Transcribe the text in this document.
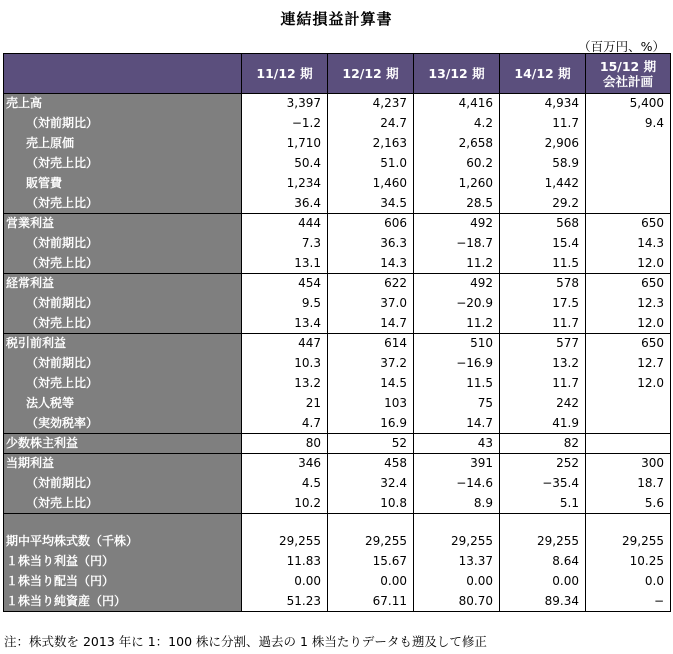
連結損益計算書
（百万円、%）
	11/12 期	12/12 期	13/12 期	14/12 期	15/12 期
会社計画

売上高	3,397	4,237	4,416	4,934	5,400
（対前期比）	−1.2	24.7	4.2	11.7	9.4
売上原価	1,710	2,163	2,658	2,906	
（対売上比）	50.4	51.0	60.2	58.9	
販管費	1,234	1,460	1,260	1,442	
（対売上比）	36.4	34.5	28.5	29.2	
営業利益	444	606	492	568	650
（対前期比）	7.3	36.3	−18.7	15.4	14.3
（対売上比）	13.1	14.3	11.2	11.5	12.0
経常利益	454	622	492	578	650
（対前期比）	9.5	37.0	−20.9	17.5	12.3
（対売上比）	13.4	14.7	11.2	11.7	12.0
税引前利益	447	614	510	577	650
（対前期比）	10.3	37.2	−16.9	13.2	12.7
（対売上比）	13.2	14.5	11.5	11.7	12.0
法人税等	21	103	75	242	
（実効税率）	4.7	16.9	14.7	41.9	
少数株主利益	80	52	43	82	
当期利益	346	458	391	252	300
（対前期比）	4.5	32.4	−14.6	−35.4	18.7
（対売上比）	10.2	10.8	8.9	5.1	5.6

期中平均株式数（千株）	29,255	29,255	29,255	29,255	29,255
１株当り利益（円）	11.83	15.67	13.37	8.64	10.25
１株当り配当（円）	0.00	0.00	0.00	0.00	0.0
１株当り純資産（円）	51.23	67.11	80.70	89.34	−
注：株式数を 2013 年に 1：100 株に分割、過去の 1 株当たりデータも遡及して修正
